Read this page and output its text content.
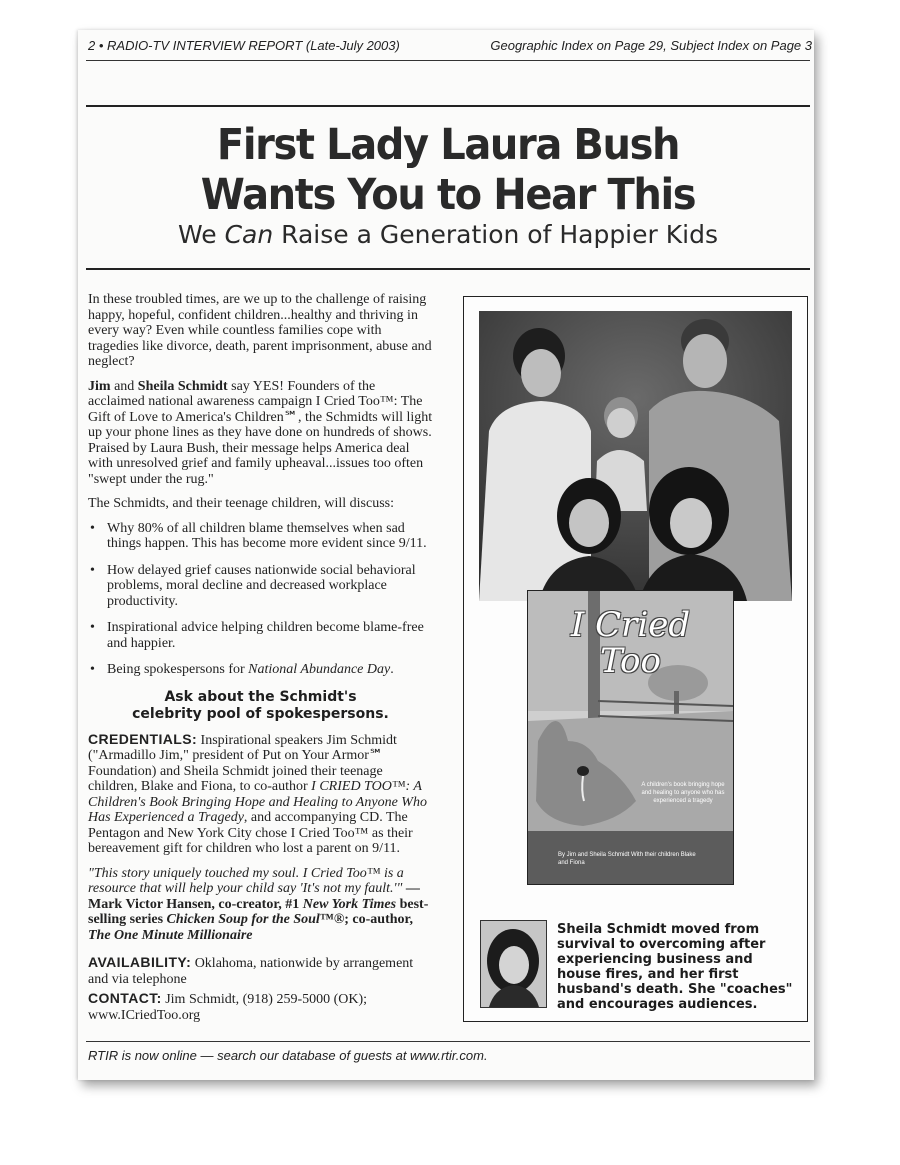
2 • RADIO-TV INTERVIEW REPORT (Late-July 2003)	Geographic Index on Page 29, Subject Index on Page 3
First Lady Laura Bush
Wants You to Hear This
We Can Raise a Generation of Happier Kids

In these troubled times, are we up to the challenge of raising happy, hopeful, confident children...healthy and thriving in every way? Even while countless families cope with tragedies like divorce, death, parent imprisonment, abuse and neglect?

Jim and Sheila Schmidt say YES! Founders of the acclaimed national awareness campaign I Cried Too™: The Gift of Love to America's Children℠, the Schmidts will light up your phone lines as they have done on hundreds of shows. Praised by Laura Bush, their message helps America deal with unresolved grief and family upheaval...issues too often "swept under the rug."

The Schmidts, and their teenage children, will discuss:

• Why 80% of all children blame themselves when sad things happen. This has become more evident since 9/11.
• How delayed grief causes nationwide social behavioral problems, moral decline and decreased workplace productivity.
• Inspirational advice helping children become blame-free and happier.
• Being spokespersons for National Abundance Day.
Ask about the Schmidt's
celebrity pool of spokespersons.

CREDENTIALS: Inspirational speakers Jim Schmidt ("Armadillo Jim," president of Put on Your Armor℠ Foundation) and Sheila Schmidt joined their teenage children, Blake and Fiona, to co-author I CRIED TOO™: A Children's Book Bringing Hope and Healing to Anyone Who Has Experienced a Tragedy, and accompanying CD. The Pentagon and New York City chose I Cried Too™ as their bereavement gift for children who lost a parent on 9/11.

"This story uniquely touched my soul. I Cried Too™ is a resource that will help your child say 'It's not my fault.'" — Mark Victor Hansen, co-creator, #1 New York Times best-selling series Chicken Soup for the Soul™®; co-author, The One Minute Millionaire

AVAILABILITY: Oklahoma, nationwide by arrangement and via telephone

CONTACT: Jim Schmidt, (918) 259-5000 (OK); www.ICriedToo.org

I Cried
Too
A children's book bringing hope and healing to anyone who has experienced a tragedy
By Jim and Sheila Schmidt With their children Blake and Fiona
Sheila Schmidt moved from survival to overcoming after experiencing business and house fires, and her first husband's death. She "coaches" and encourages audiences.
RTIR is now online — search our database of guests at www.rtir.com.
